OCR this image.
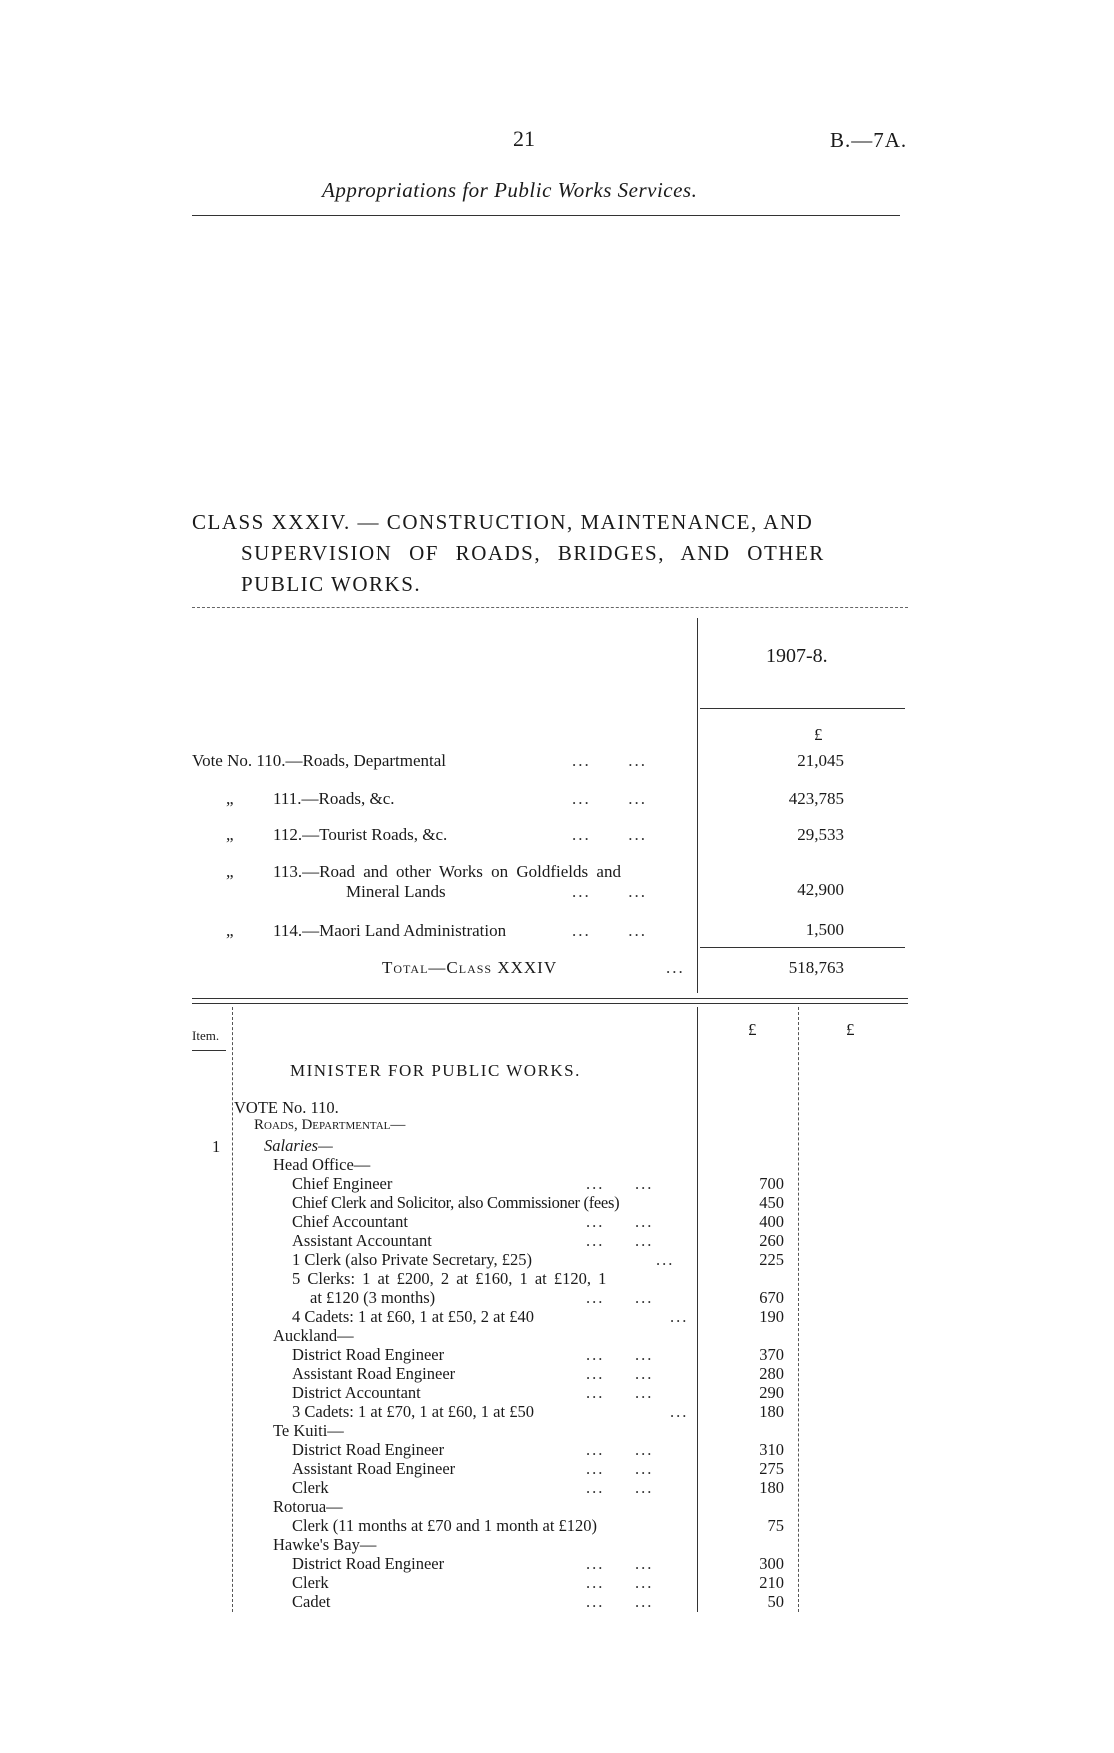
21	B.—7A.
Appropriations for Public Works Services.
CLASS XXXIV. — CONSTRUCTION, MAINTENANCE, AND
SUPERVISION OF ROADS, BRIDGES, AND OTHER
PUBLIC WORKS.
1907-8.
£
Vote No. 110.—Roads, Departmental	... ...	21,045
„ 111.—Roads, &c.	... ...	423,785
„ 112.—Tourist Roads, &c.	... ...	29,533
„ 113.—Road and other Works on Goldfields and
Mineral Lands	... ...	42,900
„ 114.—Maori Land Administration	... ...	1,500
Total—Class XXXIV	...	518,763
Item.	£	£
MINISTER FOR PUBLIC WORKS.
VOTE No. 110.
Roads, Departmental—
1	Salaries—
Head Office—
Chief Engineer	...     ...	700
Chief Clerk and Solicitor, also Commissioner (fees)	450
Chief Accountant	...     ...	400
Assistant Accountant	...     ...	260
1 Clerk (also Private Secretary, £25)	...	225
5 Clerks: 1 at £200, 2 at £160, 1 at £120, 1
at £120 (3 months)	...     ...	670
4 Cadets: 1 at £60, 1 at £50, 2 at £40	...	190
Auckland—
District Road Engineer	...     ...	370
Assistant Road Engineer	...     ...	280
District Accountant	...     ...	290
3 Cadets: 1 at £70, 1 at £60, 1 at £50	...	180
Te Kuiti—
District Road Engineer	...     ...	310
Assistant Road Engineer	...     ...	275
Clerk	...     ...	180
Rotorua—
Clerk (11 months at £70 and 1 month at £120)	75
Hawke's Bay—
District Road Engineer	...     ...	300
Clerk	...     ...	210
Cadet	...     ...	50
